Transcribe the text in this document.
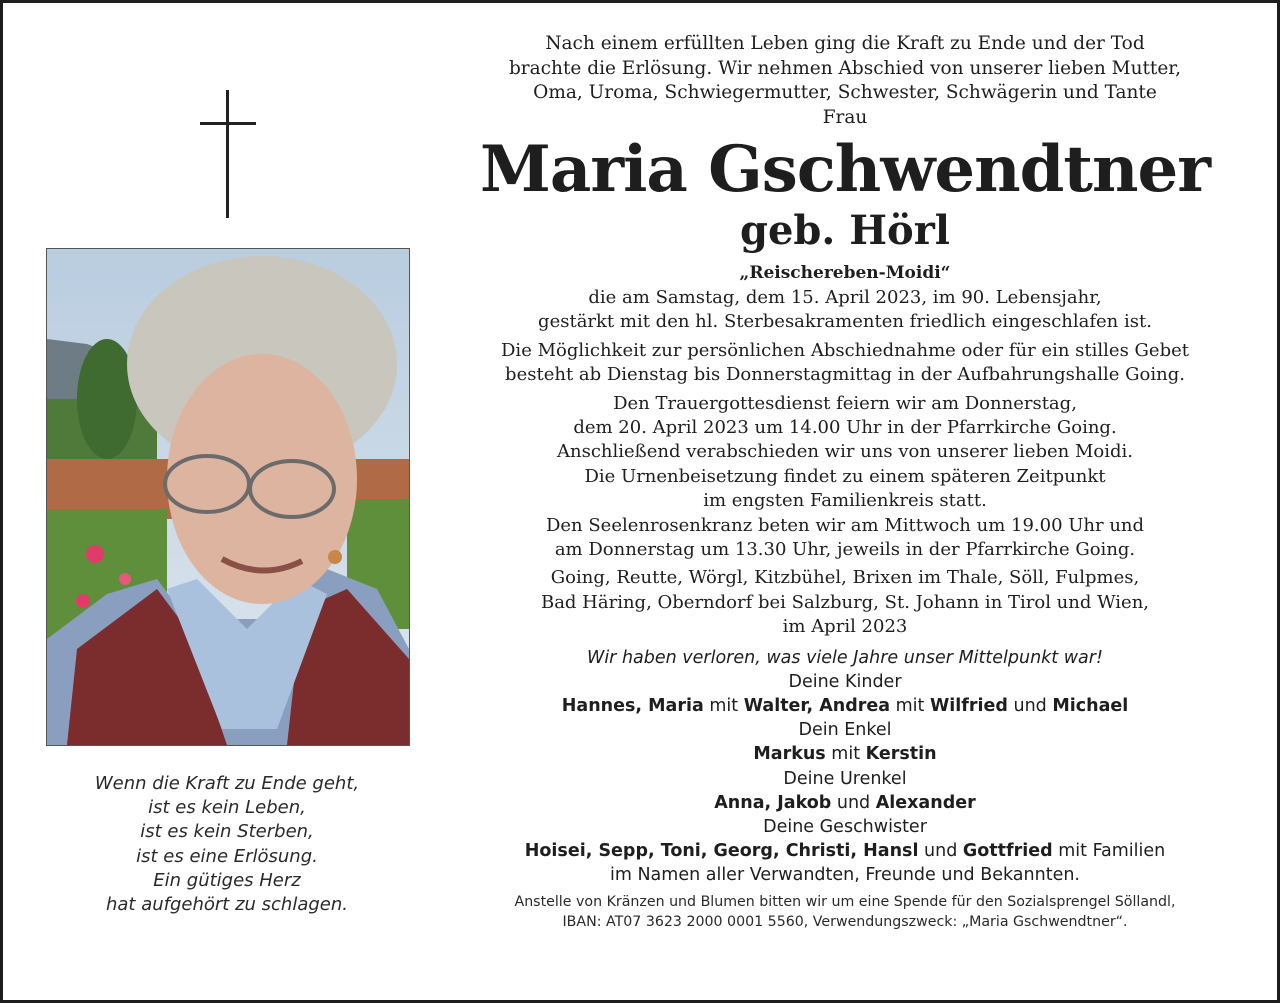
Wenn die Kraft zu Ende geht,
ist es kein Leben,
ist es kein Sterben,
ist es eine Erlösung.
Ein gütiges Herz
hat aufgehört zu schlagen.
Nach einem erfüllten Leben ging die Kraft zu Ende und der Tod
brachte die Erlösung. Wir nehmen Abschied von unserer lieben Mutter,
Oma, Uroma, Schwiegermutter, Schwester, Schwägerin und Tante
Frau
Maria Gschwendtner
geb. Hörl
„Reischereben-Moidi“
die am Samstag, dem 15. April 2023, im 90. Lebensjahr,
gestärkt mit den hl. Sterbesakramenten friedlich eingeschlafen ist.
Die Möglichkeit zur persönlichen Abschiednahme oder für ein stilles Gebet
besteht ab Dienstag bis Donnerstagmittag in der Aufbahrungshalle Going.
Den Trauergottesdienst feiern wir am Donnerstag,
dem 20. April 2023 um 14.00 Uhr in der Pfarrkirche Going.
Anschließend verabschieden wir uns von unserer lieben Moidi.
Die Urnenbeisetzung findet zu einem späteren Zeitpunkt
im engsten Familienkreis statt.
Den Seelenrosenkranz beten wir am Mittwoch um 19.00 Uhr und
am Donnerstag um 13.30 Uhr, jeweils in der Pfarrkirche Going.
Going, Reutte, Wörgl, Kitzbühel, Brixen im Thale, Söll, Fulpmes,
Bad Häring, Oberndorf bei Salzburg, St. Johann in Tirol und Wien,
im April 2023
Wir haben verloren, was viele Jahre unser Mittelpunkt war!
Deine Kinder
Hannes, Maria mit Walter, Andrea mit Wilfried und Michael
Dein Enkel
Markus mit Kerstin
Deine Urenkel
Anna, Jakob und Alexander
Deine Geschwister
Hoisei, Sepp, Toni, Georg, Christi, Hansl und Gottfried mit Familien
im Namen aller Verwandten, Freunde und Bekannten.
Anstelle von Kränzen und Blumen bitten wir um eine Spende für den Sozialsprengel Söllandl,
IBAN: AT07 3623 2000 0001 5560, Verwendungszweck: „Maria Gschwendtner“.
